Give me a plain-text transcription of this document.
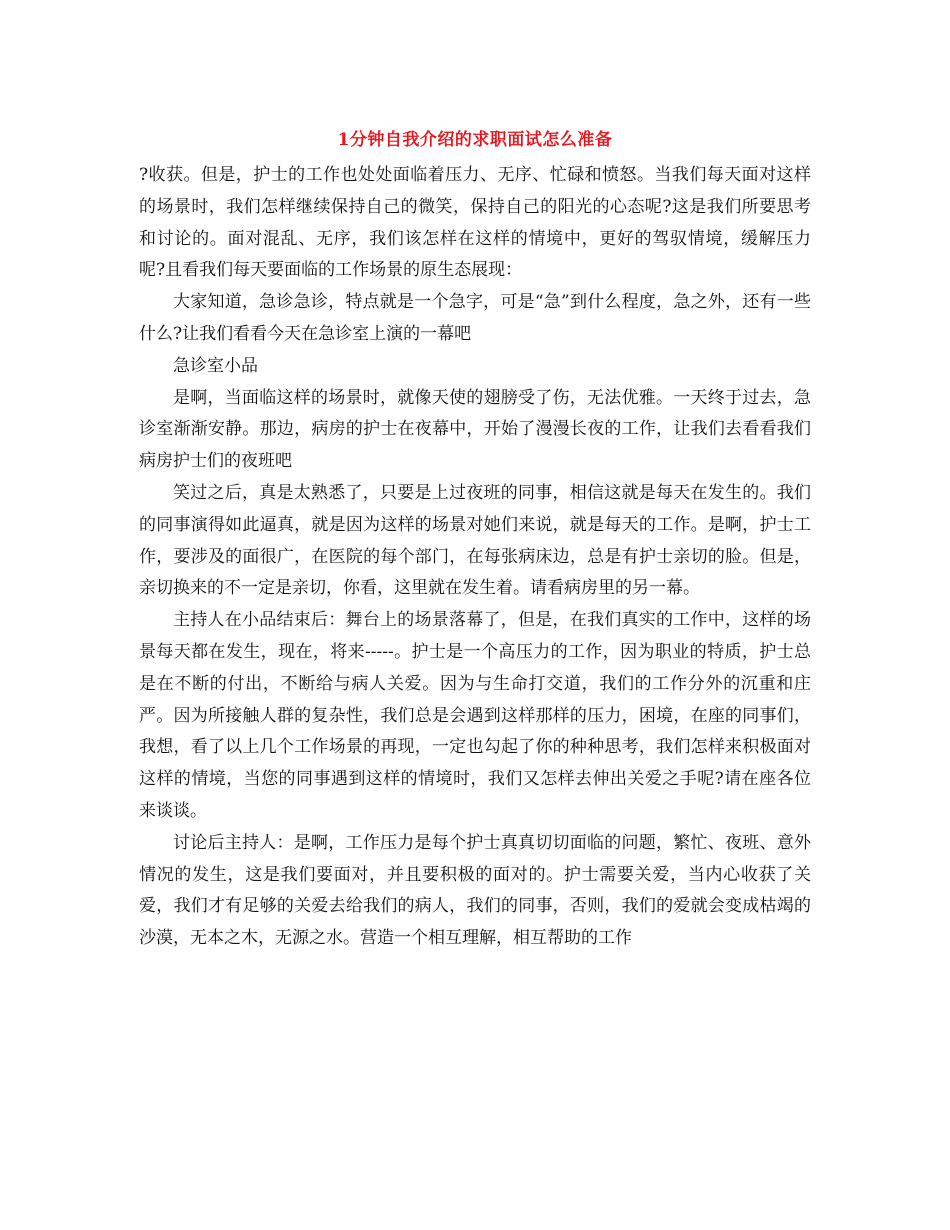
1分钟自我介绍的求职面试怎么准备

?收获。但是，护士的工作也处处面临着压力、无序、忙碌和愤怒。当我们每天面对这样的场景时，我们怎样继续保持自己的微笑，保持自己的阳光的心态呢?这是我们所要思考和讨论的。面对混乱、无序，我们该怎样在这样的情境中，更好的驾驭情境，缓解压力呢?且看我们每天要面临的工作场景的原生态展现：

大家知道，急诊急诊，特点就是一个急字，可是“急”到什么程度，急之外，还有一些什么?让我们看看今天在急诊室上演的一幕吧

急诊室小品

是啊，当面临这样的场景时，就像天使的翅膀受了伤，无法优雅。一天终于过去，急诊室渐渐安静。那边，病房的护士在夜幕中，开始了漫漫长夜的工作，让我们去看看我们病房护士们的夜班吧

笑过之后，真是太熟悉了，只要是上过夜班的同事，相信这就是每天在发生的。我们的同事演得如此逼真，就是因为这样的场景对她们来说，就是每天的工作。是啊，护士工作，要涉及的面很广，在医院的每个部门，在每张病床边，总是有护士亲切的脸。但是，亲切换来的不一定是亲切，你看，这里就在发生着。请看病房里的另一幕。

主持人在小品结束后：舞台上的场景落幕了，但是，在我们真实的工作中，这样的场景每天都在发生，现在，将来-----。护士是一个高压力的工作，因为职业的特质，护士总是在不断的付出，不断给与病人关爱。因为与生命打交道，我们的工作分外的沉重和庄严。因为所接触人群的复杂性，我们总是会遇到这样那样的压力，困境，在座的同事们，我想，看了以上几个工作场景的再现，一定也勾起了你的种种思考，我们怎样来积极面对这样的情境，当您的同事遇到这样的情境时，我们又怎样去伸出关爱之手呢?请在座各位来谈谈。

讨论后主持人：是啊，工作压力是每个护士真真切切面临的问题，繁忙、夜班、意外情况的发生，这是我们要面对，并且要积极的面对的。护士需要关爱，当内心收获了关爱，我们才有足够的关爱去给我们的病人，我们的同事，否则，我们的爱就会变成枯竭的沙漠，无本之木，无源之水。营造一个相互理解，相互帮助的工作
